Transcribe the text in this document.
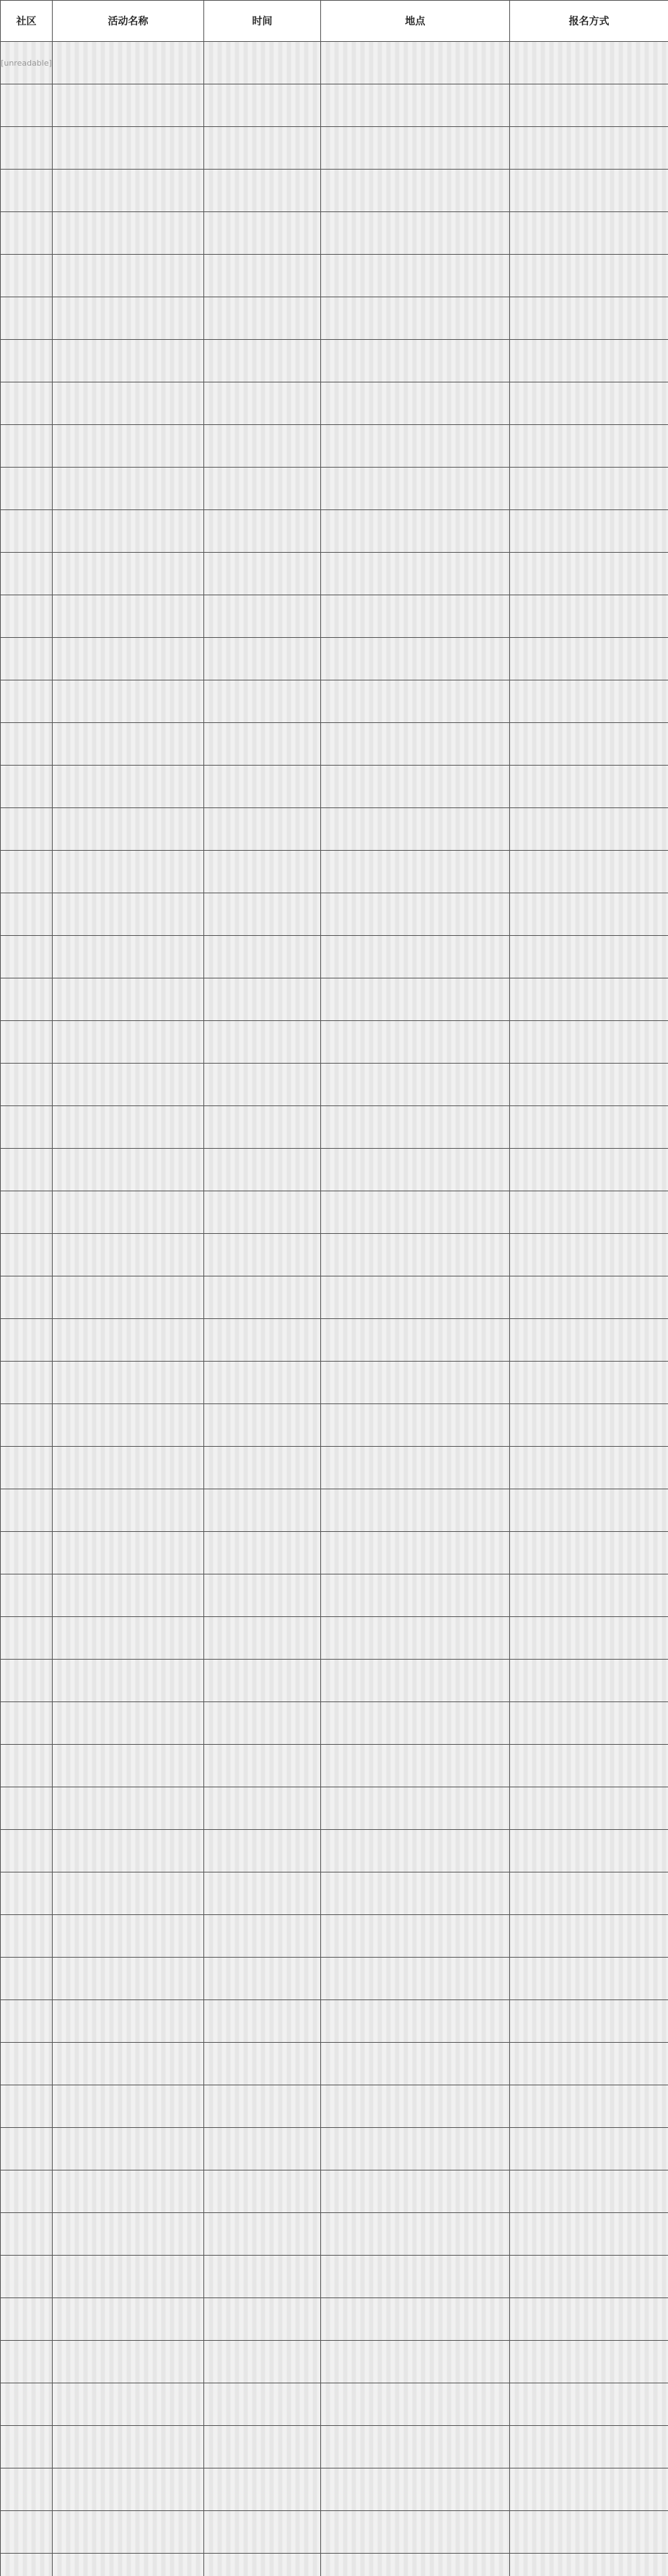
社区	活动名称	时间	地点	报名方式
[unreadable]				
